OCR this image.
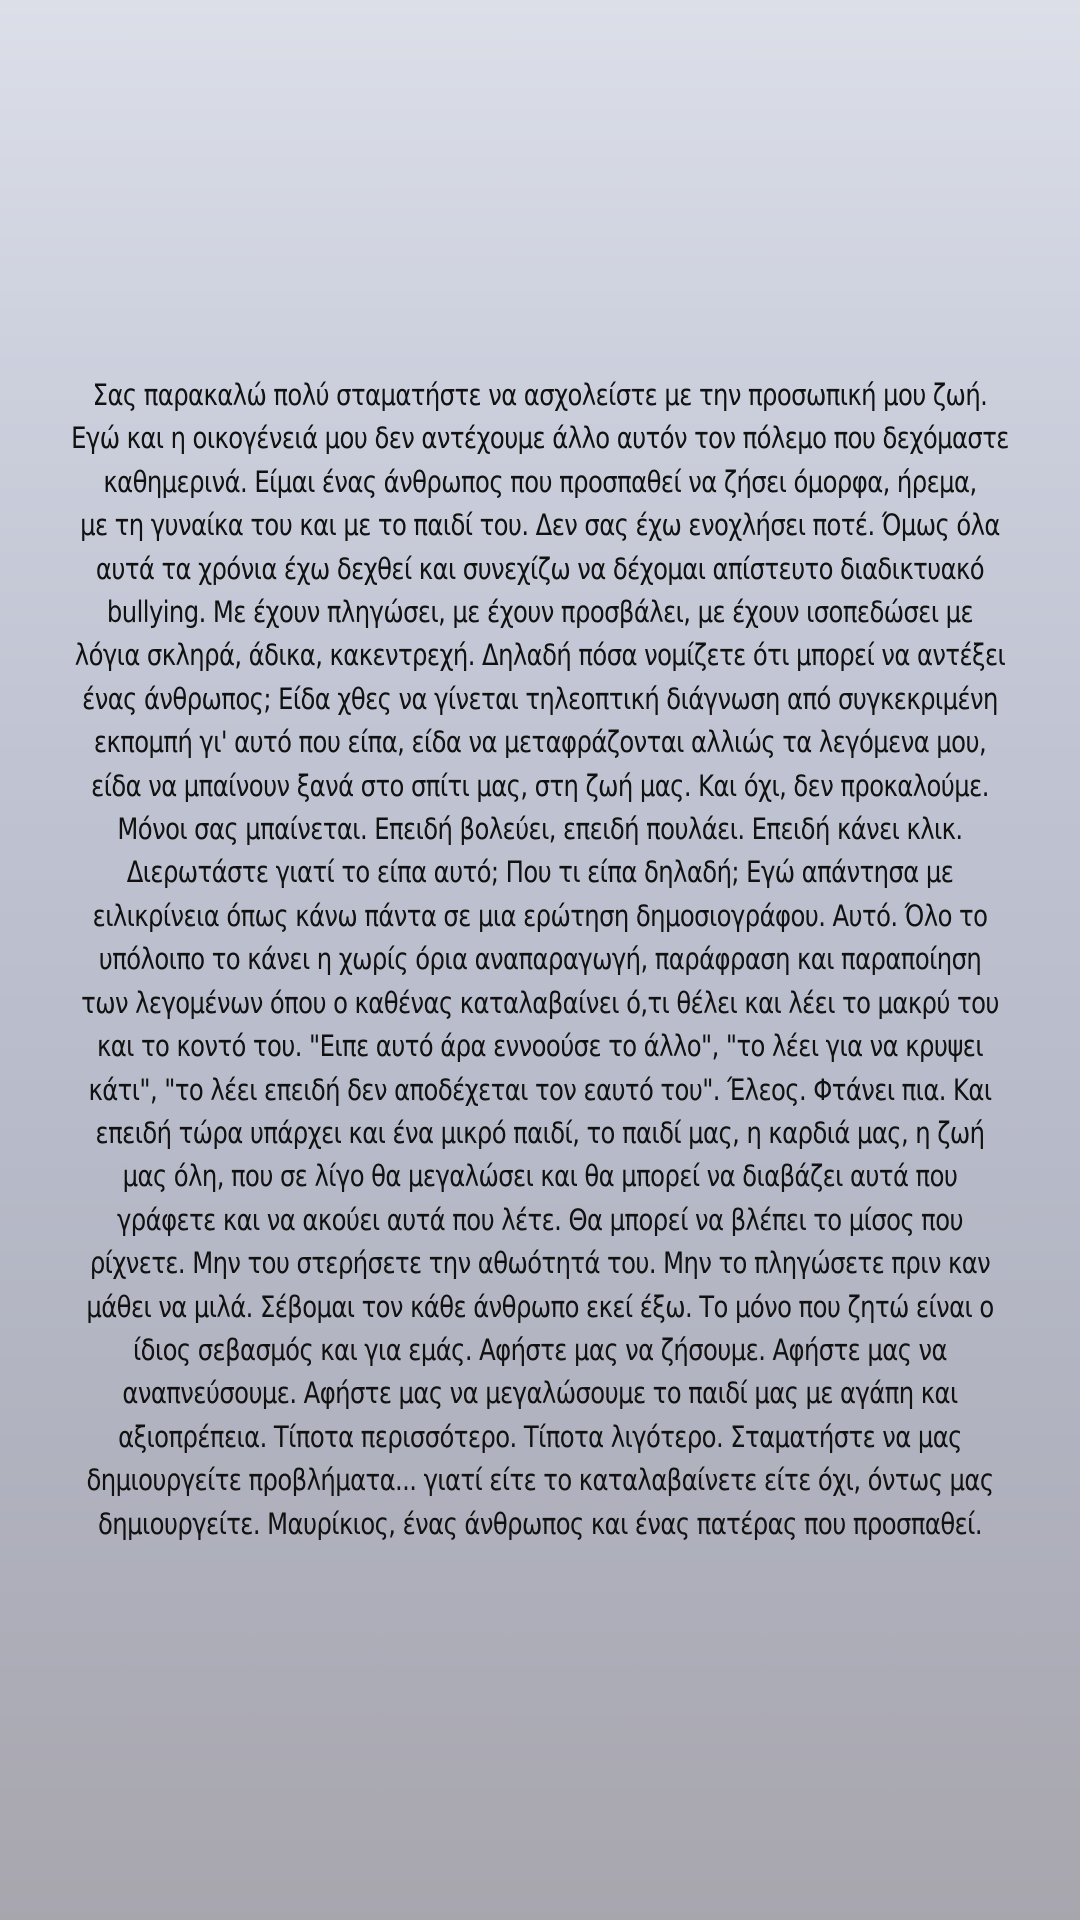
Σας παρακαλώ πολύ σταματήστε να ασχολείστε με την προσωπική μου ζωή.
Εγώ και η οικογένειά μου δεν αντέχουμε άλλο αυτόν τον πόλεμο που δεχόμαστε
καθημερινά. Είμαι ένας άνθρωπος που προσπαθεί να ζήσει όμορφα, ήρεμα,
με τη γυναίκα του και με το παιδί του. Δεν σας έχω ενοχλήσει ποτέ. Όμως όλα
αυτά τα χρόνια έχω δεχθεί και συνεχίζω να δέχομαι απίστευτο διαδικτυακό
bullying. Με έχουν πληγώσει, με έχουν προσβάλει, με έχουν ισοπεδώσει με
λόγια σκληρά, άδικα, κακεντρεχή. Δηλαδή πόσα νομίζετε ότι μπορεί να αντέξει
ένας άνθρωπος; Είδα χθες να γίνεται τηλεοπτική διάγνωση από συγκεκριμένη
εκπομπή γι' αυτό που είπα, είδα να μεταφράζονται αλλιώς τα λεγόμενα μου,
είδα να μπαίνουν ξανά στο σπίτι μας, στη ζωή μας. Και όχι, δεν προκαλούμε.
Μόνοι σας μπαίνεται. Επειδή βολεύει, επειδή πουλάει. Επειδή κάνει κλικ.
Διερωτάστε γιατί το είπα αυτό; Που τι είπα δηλαδή; Εγώ απάντησα με
ειλικρίνεια όπως κάνω πάντα σε μια ερώτηση δημοσιογράφου. Αυτό. Όλο το
υπόλοιπο το κάνει η χωρίς όρια αναπαραγωγή, παράφραση και παραποίηση
των λεγομένων όπου ο καθένας καταλαβαίνει ό,τι θέλει και λέει το μακρύ του
και το κοντό του. "Ειπε αυτό άρα εννοούσε το άλλο", "το λέει για να κρυψει
κάτι", "το λέει επειδή δεν αποδέχεται τον εαυτό του". Έλεος. Φτάνει πια. Και
επειδή τώρα υπάρχει και ένα μικρό παιδί, το παιδί μας, η καρδιά μας, η ζωή
μας όλη, που σε λίγο θα μεγαλώσει και θα μπορεί να διαβάζει αυτά που
γράφετε και να ακούει αυτά που λέτε. Θα μπορεί να βλέπει το μίσος που
ρίχνετε. Μην του στερήσετε την αθωότητά του. Μην το πληγώσετε πριν καν
μάθει να μιλά. Σέβομαι τον κάθε άνθρωπο εκεί έξω. Το μόνο που ζητώ είναι ο
ίδιος σεβασμός και για εμάς. Αφήστε μας να ζήσουμε. Αφήστε μας να
αναπνεύσουμε. Αφήστε μας να μεγαλώσουμε το παιδί μας με αγάπη και
αξιοπρέπεια. Τίποτα περισσότερο. Τίποτα λιγότερο. Σταματήστε να μας
δημιουργείτε προβλήματα... γιατί είτε το καταλαβαίνετε είτε όχι, όντως μας
δημιουργείτε. Μαυρίκιος, ένας άνθρωπος και ένας πατέρας που προσπαθεί.
